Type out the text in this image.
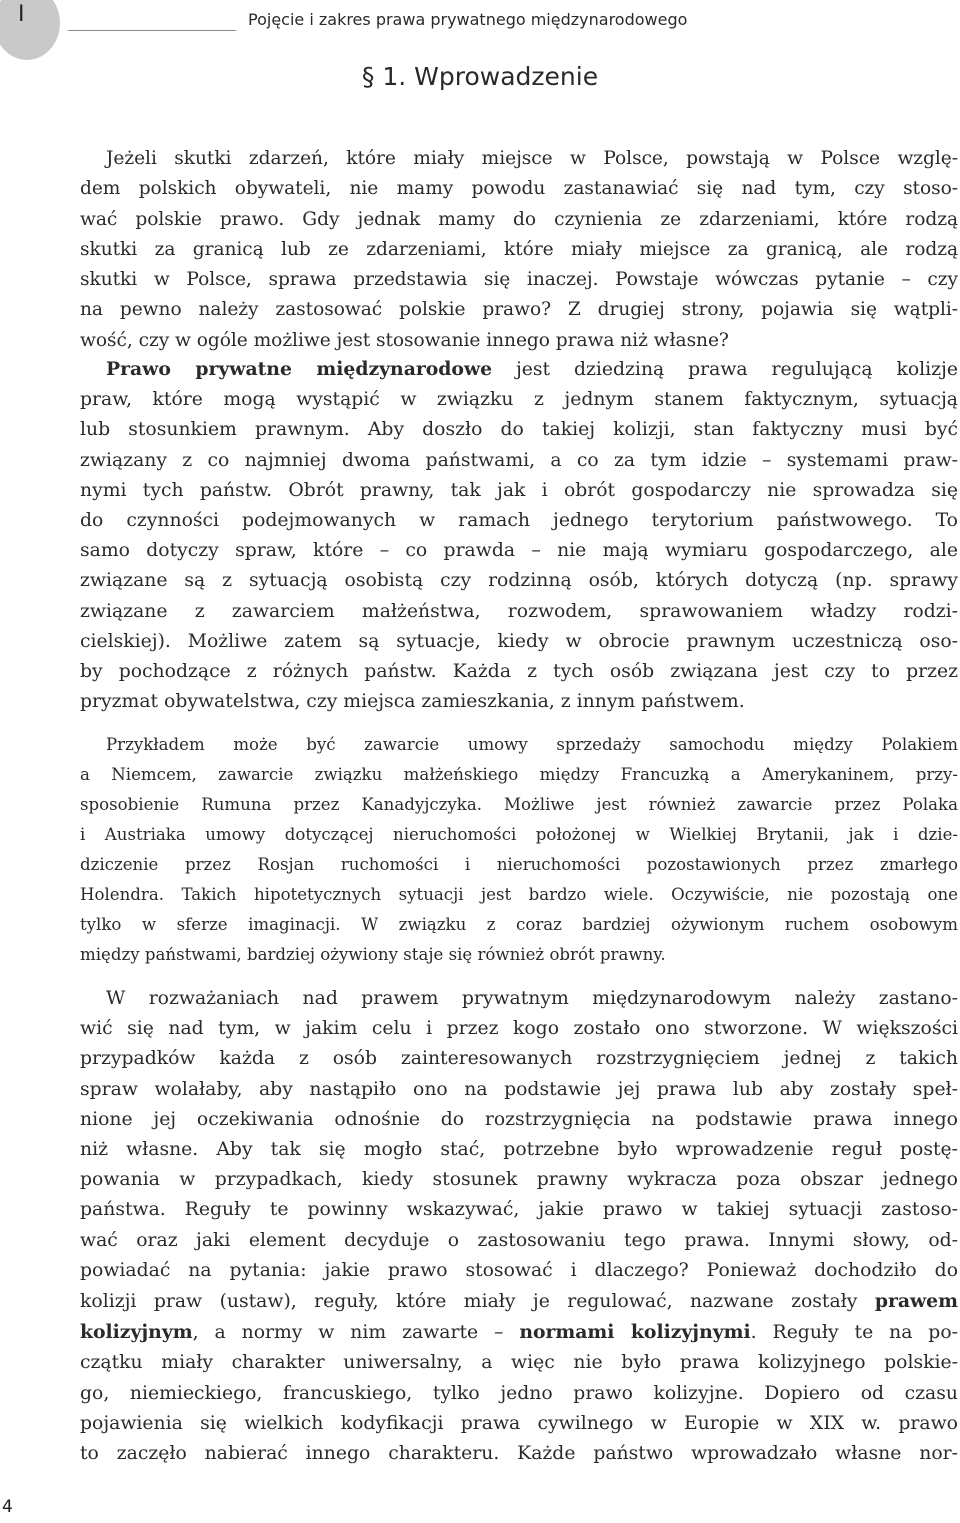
I	Pojęcie i zakres prawa prywatnego międzynarodowego
§ 1. Wprowadzenie
Jeżeli skutki zdarzeń, które miały miejsce w Polsce, powstają w Polsce wzglę-
dem polskich obywateli, nie mamy powodu zastanawiać się nad tym, czy stoso-
wać polskie prawo. Gdy jednak mamy do czynienia ze zdarzeniami, które rodzą
skutki za granicą lub ze zdarzeniami, które miały miejsce za granicą, ale rodzą
skutki w Polsce, sprawa przedstawia się inaczej. Powstaje wówczas pytanie – czy
na pewno należy zastosować polskie prawo? Z drugiej strony, pojawia się wątpli-
wość, czy w ogóle możliwe jest stosowanie innego prawa niż własne?
Prawo prywatne międzynarodowe jest dziedziną prawa regulującą kolizje
praw, które mogą wystąpić w związku z jednym stanem faktycznym, sytuacją
lub stosunkiem prawnym. Aby doszło do takiej kolizji, stan faktyczny musi być
związany z co najmniej dwoma państwami, a co za tym idzie – systemami praw-
nymi tych państw. Obrót prawny, tak jak i obrót gospodarczy nie sprowadza się
do czynności podejmowanych w ramach jednego terytorium państwowego. To
samo dotyczy spraw, które – co prawda – nie mają wymiaru gospodarczego, ale
związane są z sytuacją osobistą czy rodzinną osób, których dotyczą (np. sprawy
związane z zawarciem małżeństwa, rozwodem, sprawowaniem władzy rodzi-
cielskiej). Możliwe zatem są sytuacje, kiedy w obrocie prawnym uczestniczą oso-
by pochodzące z różnych państw. Każda z tych osób związana jest czy to przez
pryzmat obywatelstwa, czy miejsca zamieszkania, z innym państwem.
Przykładem może być zawarcie umowy sprzedaży samochodu między Polakiem
a Niemcem, zawarcie związku małżeńskiego między Francuzką a Amerykaninem, przy-
sposobienie Rumuna przez Kanadyjczyka. Możliwe jest również zawarcie przez Polaka
i Austriaka umowy dotyczącej nieruchomości położonej w Wielkiej Brytanii, jak i dzie-
dziczenie przez Rosjan ruchomości i nieruchomości pozostawionych przez zmarłego
Holendra. Takich hipotetycznych sytuacji jest bardzo wiele. Oczywiście, nie pozostają one
tylko w sferze imaginacji. W związku z coraz bardziej ożywionym ruchem osobowym
między państwami, bardziej ożywiony staje się również obrót prawny.
W rozważaniach nad prawem prywatnym międzynarodowym należy zastano-
wić się nad tym, w jakim celu i przez kogo zostało ono stworzone. W większości
przypadków każda z osób zainteresowanych rozstrzygnięciem jednej z takich
spraw wolałaby, aby nastąpiło ono na podstawie jej prawa lub aby zostały speł-
nione jej oczekiwania odnośnie do rozstrzygnięcia na podstawie prawa innego
niż własne. Aby tak się mogło stać, potrzebne było wprowadzenie reguł postę-
powania w przypadkach, kiedy stosunek prawny wykracza poza obszar jednego
państwa. Reguły te powinny wskazywać, jakie prawo w takiej sytuacji zastoso-
wać oraz jaki element decyduje o zastosowaniu tego prawa. Innymi słowy, od-
powiadać na pytania: jakie prawo stosować i dlaczego? Ponieważ dochodziło do
kolizji praw (ustaw), reguły, które miały je regulować, nazwane zostały prawem
kolizyjnym, a normy w nim zawarte – normami kolizyjnymi. Reguły te na po-
czątku miały charakter uniwersalny, a więc nie było prawa kolizyjnego polskie-
go, niemieckiego, francuskiego, tylko jedno prawo kolizyjne. Dopiero od czasu
pojawienia się wielkich kodyfikacji prawa cywilnego w Europie w XIX w. prawo
to zaczęło nabierać innego charakteru. Każde państwo wprowadzało własne nor-
4
